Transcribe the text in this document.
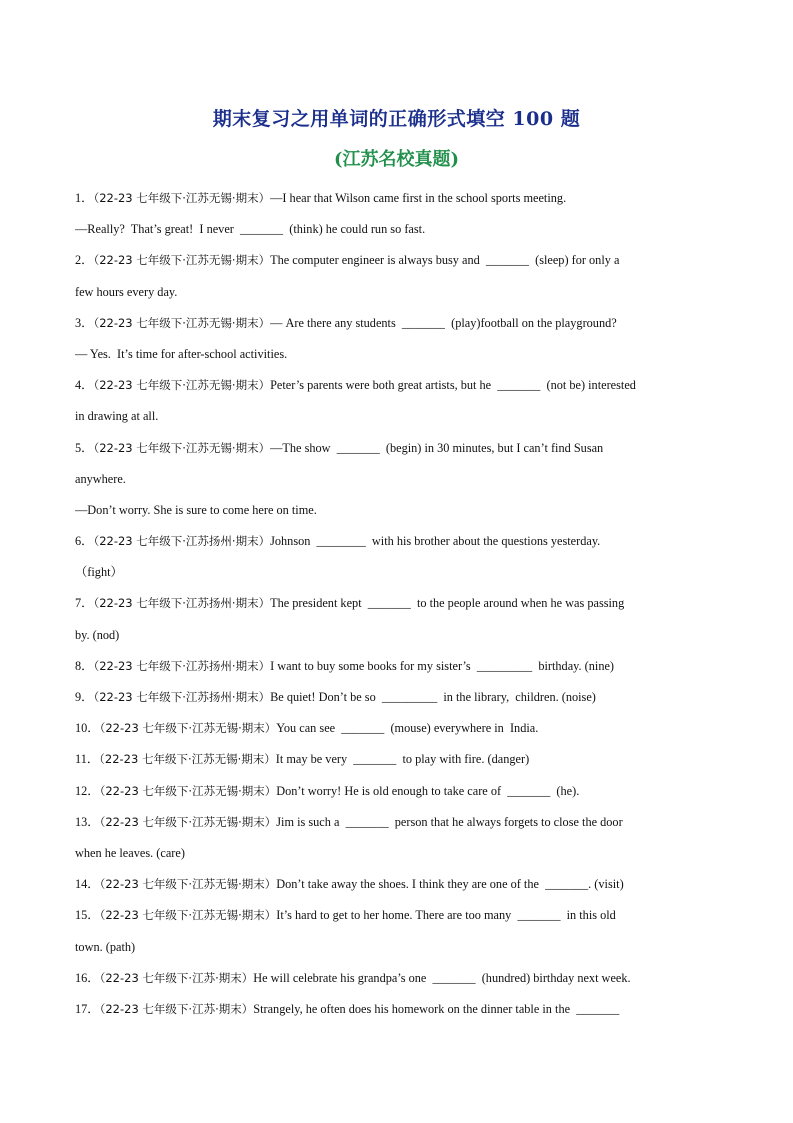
期末复习之用单词的正确形式填空 100 题
(江苏名校真题)
1．（22-23 七年级下·江苏无锡·期末）—I hear that Wilson came first in the school sports meeting.
—Really?  That’s great!  I never  _______  (think) he could run so fast.
2．（22-23 七年级下·江苏无锡·期末）The computer engineer is always busy and  _______  (sleep) for only a
few hours every day.
3．（22-23 七年级下·江苏无锡·期末）— Are there any students  _______  (play)football on the playground?
— Yes.  It’s time for after-school activities.
4．（22-23 七年级下·江苏无锡·期末）Peter’s parents were both great artists, but he  _______  (not be) interested
in drawing at all.
5．（22-23 七年级下·江苏无锡·期末）—The show  _______  (begin) in 30 minutes, but I can’t find Susan
anywhere.
—Don’t worry. She is sure to come here on time.
6．（22-23 七年级下·江苏扬州·期末）Johnson  ________  with his brother about the questions yesterday.
（fight）
7．（22-23 七年级下·江苏扬州·期末）The president kept  _______  to the people around when he was passing
by. (nod)
8．（22-23 七年级下·江苏扬州·期末）I want to buy some books for my sister’s  _________  birthday. (nine)
9．（22-23 七年级下·江苏扬州·期末）Be quiet! Don’t be so  _________  in the library,  children. (noise)
10．（22-23 七年级下·江苏无锡·期末）You can see  _______  (mouse) everywhere in  India.
11．（22-23 七年级下·江苏无锡·期末）It may be very  _______  to play with fire. (danger)
12．（22-23 七年级下·江苏无锡·期末）Don’t worry! He is old enough to take care of  _______  (he).
13．（22-23 七年级下·江苏无锡·期末）Jim is such a  _______  person that he always forgets to close the door
when he leaves. (care)
14．（22-23 七年级下·江苏无锡·期末）Don’t take away the shoes. I think they are one of the  _______. (visit)
15．（22-23 七年级下·江苏无锡·期末）It’s hard to get to her home. There are too many  _______  in this old
town. (path)
16．（22-23 七年级下·江苏·期末）He will celebrate his grandpa’s one  _______  (hundred) birthday next week.
17．（22-23 七年级下·江苏·期末）Strangely, he often does his homework on the dinner table in the  _______
